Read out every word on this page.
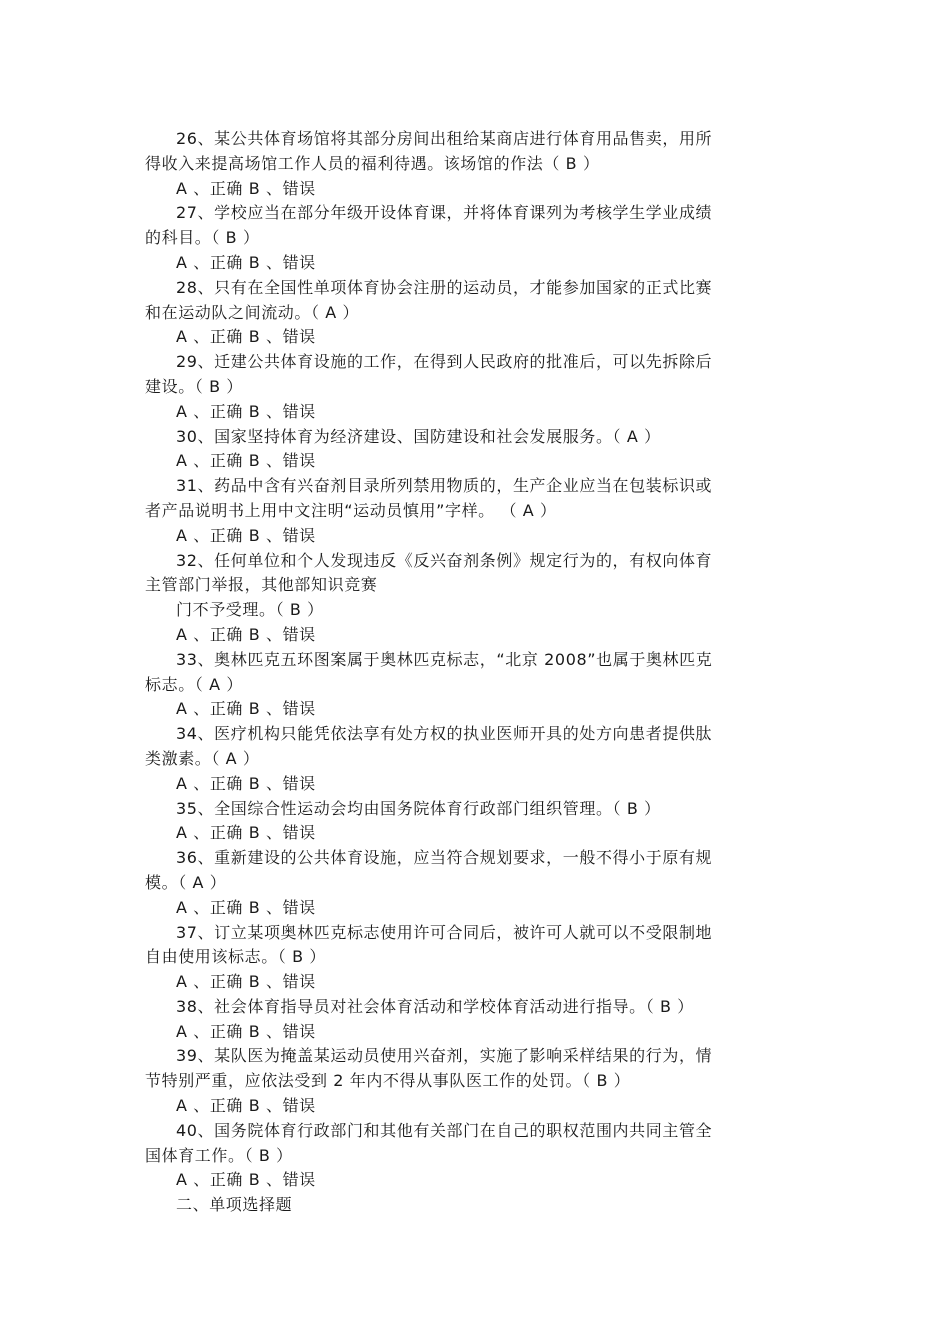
26、某公共体育场馆将其部分房间出租给某商店进行体育用品售卖，用所
得收入来提高场馆工作人员的福利待遇。该场馆的作法（ B ）
A 、正确 B 、错误
27、学校应当在部分年级开设体育课，并将体育课列为考核学生学业成绩
的科目。（ B ）
A 、正确 B 、错误
28、只有在全国性单项体育协会注册的运动员，才能参加国家的正式比赛
和在运动队之间流动。（ A ）
A 、正确 B 、错误
29、迁建公共体育设施的工作，在得到人民政府的批准后，可以先拆除后
建设。（ B ）
A 、正确 B 、错误
30、国家坚持体育为经济建设、国防建设和社会发展服务。（ A ）
A 、正确 B 、错误
31、药品中含有兴奋剂目录所列禁用物质的，生产企业应当在包装标识或
者产品说明书上用中文注明“运动员慎用”字样。 （ A ）
A 、正确 B 、错误
32、任何单位和个人发现违反《反兴奋剂条例》规定行为的，有权向体育
主管部门举报，其他部知识竞赛
门不予受理。（ B ）
A 、正确 B 、错误
33、奥林匹克五环图案属于奥林匹克标志，“北京 2008”也属于奥林匹克
标志。（ A ）
A 、正确 B 、错误
34、医疗机构只能凭依法享有处方权的执业医师开具的处方向患者提供肽
类激素。（ A ）
A 、正确 B 、错误
35、全国综合性运动会均由国务院体育行政部门组织管理。（ B ）
A 、正确 B 、错误
36、重新建设的公共体育设施，应当符合规划要求，一般不得小于原有规
模。（ A ）
A 、正确 B 、错误
37、订立某项奥林匹克标志使用许可合同后，被许可人就可以不受限制地
自由使用该标志。（ B ）
A 、正确 B 、错误
38、社会体育指导员对社会体育活动和学校体育活动进行指导。（ B ）
A 、正确 B 、错误
39、某队医为掩盖某运动员使用兴奋剂，实施了影响采样结果的行为，情
节特别严重，应依法受到 2 年内不得从事队医工作的处罚。（ B ）
A 、正确 B 、错误
40、国务院体育行政部门和其他有关部门在自己的职权范围内共同主管全
国体育工作。（ B ）
A 、正确 B 、错误
二、单项选择题
